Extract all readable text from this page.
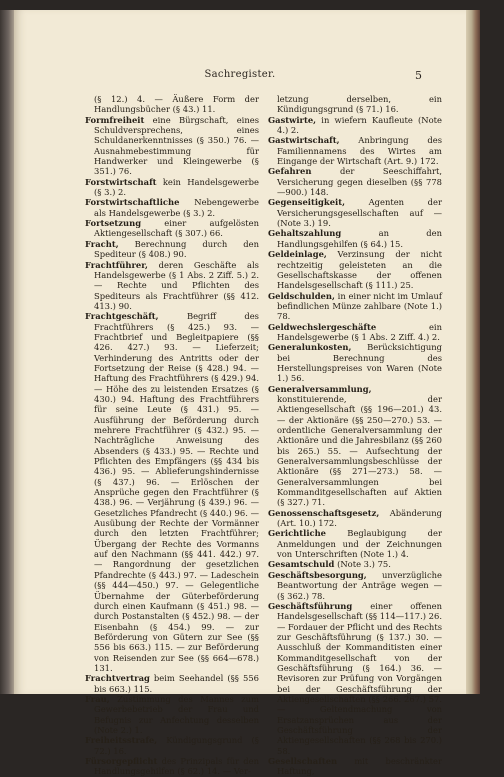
Sachregister.	5

(§ 12.) 4. — Äußere Form der Handlungsbücher (§ 43.) 11.

Formfreiheit eine Bürgschaft, eines Schuldversprechens, eines Schuldanerkenntnisses (§ 350.) 76. — Ausnahmebestimmung für Handwerker und Kleingewerbe (§ 351.) 76.

Forstwirtschaft kein Handelsgewerbe (§ 3.) 2.

Forstwirtschaftliche Nebengewerbe als Handelsgewerbe (§ 3.) 2.

Fortsetzung	einer aufgelösten Aktiengesellschaft (§ 307.) 66.

Fracht, Berechnung durch den Spediteur (§ 408.) 90.

Frachtführer, deren Geschäfte als Handelsgewerbe (§ 1 Abs. 2 Ziff. 5.) 2. — Rechte und Pflichten des Spediteurs als Frachtführer (§§ 412. 413.) 90.

Frachtgeschäft,	Begriff des Frachtführers (§ 425.) 93. — Frachtbrief und Begleitpapiere (§§ 426. 427.) 93. — Lieferzeit; Verhinderung des Antritts oder der Fortsetzung der Reise (§ 428.) 94. — Haftung des Frachtführers (§ 429.) 94. — Höhe des zu leistenden Ersatzes (§ 430.) 94. Haftung des Frachtführers für seine Leute (§ 431.) 95. — Ausführung der Beförderung durch mehrere Frachtführer (§ 432.) 95. — Nachträgliche Anweisung des Absenders (§ 433.) 95. — Rechte und Pflichten des Empfängers (§§ 434 bis 436.) 95. — Ablieferungshindernisse (§ 437.) 96. — Erlöschen der Ansprüche gegen den Frachtführer (§ 438.) 96. — Verjährung (§ 439.) 96. — Gesetzliches Pfandrecht (§ 440.) 96. — Ausübung der Rechte der Vormänner durch den letzten Frachtführer; Übergang der Rechte des Vormanns auf den Nachmann (§§ 441. 442.) 97. — Rangordnung der gesetzlichen Pfandrechte (§ 443.) 97. — Ladeschein (§§ 444—450.) 97. — Gelegentliche Übernahme der Güterbeförderung durch einen Kaufmann (§ 451.) 98. — durch Postanstalten (§ 452.) 98. — der Eisenbahn (§ 454.) 99. — zur Beförderung von Gütern zur See (§§ 556 bis 663.) 115. — zur Beförderung von Reisenden zur See (§§ 664—678.) 131.

Frachtvertrag beim Seehandel (§§ 556 bis 663.) 115.

Frau, Zustimmung des Mannes zum Gewerbebetrieb der Frau und Befugnis zur Anfechtung desselben (Note 2.) 1.

Freiheitsstrafe, Kündigungsgrund (§ 72.) 16.

Fürsorgepflicht des Prinzipals für den Handlungsgehilfen (§ 62.) 14. — Ver-

letzung derselben, ein Kündigungsgrund (§ 71.) 16.

Gastwirte, in wiefern Kaufleute (Note 4.) 2.

Gastwirtschaft, Anbringung des Familiennamens des Wirtes am Eingange der Wirtschaft (Art. 9.) 172.

Gefahren	der Seeschiffahrt, Versicherung gegen dieselben (§§ 778—900.) 148.

Gegenseitigkeit,	Agenten der Versicherungsgesellschaften auf — (Note 3.) 19.

Gehaltszahlung	an den Handlungsgehilfen (§ 64.) 15.

Geldeinlage, Verzinsung der nicht rechtzeitig geleisteten an die Gesellschaftskasse der offenen Handelsgesellschaft (§ 111.) 25.

Geldschulden, in einer nicht im Umlauf befindlichen Münze zahlbare (Note 1.) 78.

Geldwechslergeschäfte	ein Handelsgewerbe (§ 1 Abs. 2 Ziff. 4.) 2.

Generalunkosten, Berücksichtigung bei Berechnung des Herstellungspreises von Waren (Note 1.) 56.

Generalversammlung, konstituierende, der Aktiengesellschaft (§§ 196—201.) 43. — der Aktionäre (§§ 250—270.) 53. — ordentliche Generalversammlung der Aktionäre und die Jahresbilanz (§§ 260 bis 265.) 55. — Aufsechtung der Generalversammlungsbeschlüsse der Aktionäre (§§ 271—273.) 58. — Generalversammlungen bei Kommanditgesellschaften auf Aktien (§ 327.) 71.

Genossenschaftsgesetz, Abänderung (Art. 10.) 172.

Gerichtliche	Beglaubigung der Anmeldungen und der Zeichnungen von Unterschriften (Note 1.) 4.

Gesamtschuld (Note 3.) 75.

Geschäftsbesorgung, unverzügliche Beantwortung der Anträge wegen — (§ 362.) 78.

Geschäftsführung einer offenen Handelsgesellschaft (§§ 114—117.) 26. — Fordauer der Pflicht und des Rechts zur Geschäftsführung (§ 137.) 30. — Ausschluß der Kommanditisten einer Kommanditgesellschaft von der Geschäftsführung (§ 164.) 36. — Revisoren zur Prüfung von Vorgängen bei der Geschäftsführung der Aktiengesellschaften (§§ 266. 267.) 57. — Geltendmachung von Ersatzansprüchen aus der Geschäftsführung der Aktiengesellschaften (§§ 268 bis 270.) 58.

Gesellschaften mit beschränkter Haftung,
